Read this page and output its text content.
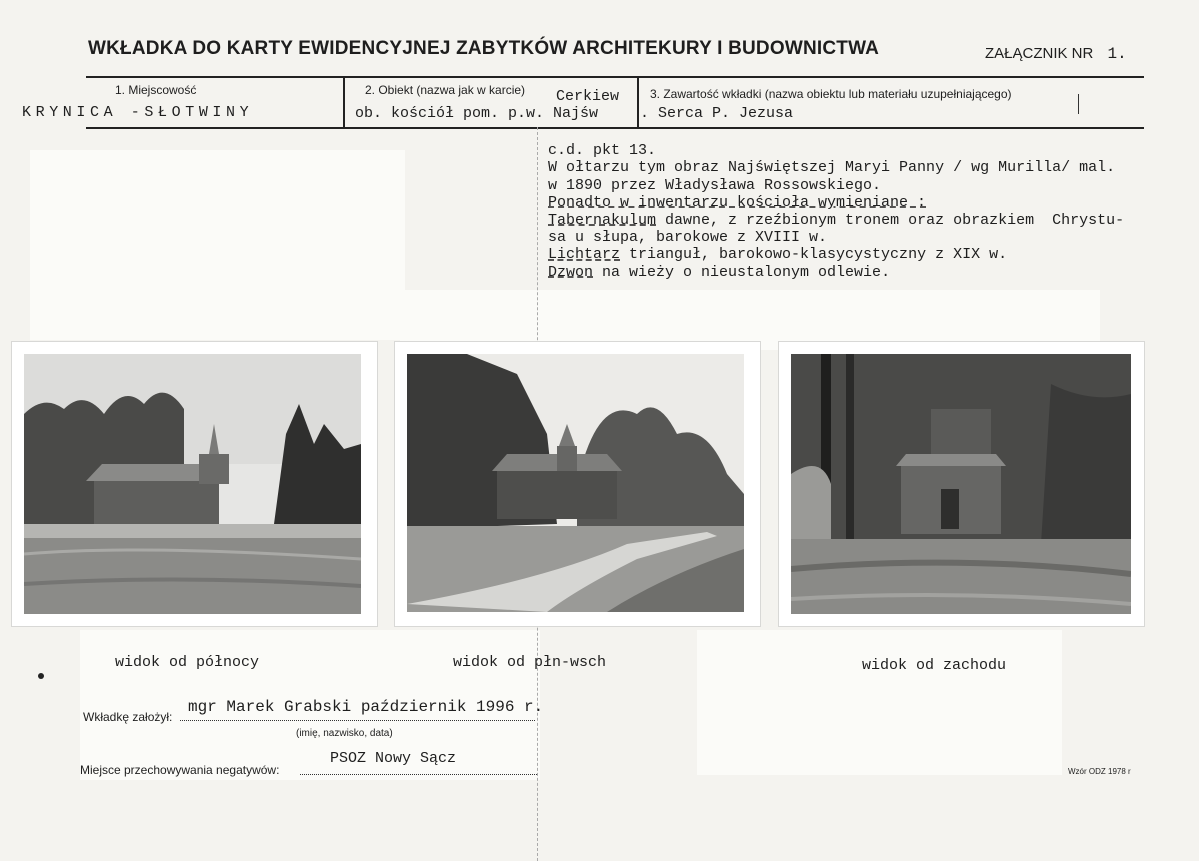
WKŁADKA DO KARTY EWIDENCYJNEJ ZABYTKÓW ARCHITEKURY I BUDOWNICTWA	ZAŁĄCZNIK NR 1.
1. Miejscowość	2. Obiekt (nazwa jak w karcie)	3. Zawartość wkładki (nazwa obiektu lub materiału uzupełniającego)
KRYNICA -SŁOTWINY
Cerkiew
ob. kościół pom. p.w. Najśw	. Serca P. Jezusa
c.d. pkt 13.
W ołtarzu tym obraz Najświętszej Maryi Panny / wg Murilla/ mal.
w 1890 przez Władysława Rossowskiego.
Ponadto w inwentarzu kościoła wymieniane :
Tabernakulum dawne, z rzeźbionym tronem oraz obrazkiem  Chrystu-
sa u słupa, barokowe z XVIII w.
Lichtarz trianguł, barokowo-klasycystyczny z XIX w.
Dzwon na wieży o nieustalonym odlewie.
widok od północy	widok od płn-wsch	widok od zachodu
Wkładkę założył:
mgr Marek Grabski październik 1996 r.
(imię, nazwisko, data)
Miejsce przechowywania negatywów:
PSOZ Nowy Sącz
Wzór ODZ 1978 r
